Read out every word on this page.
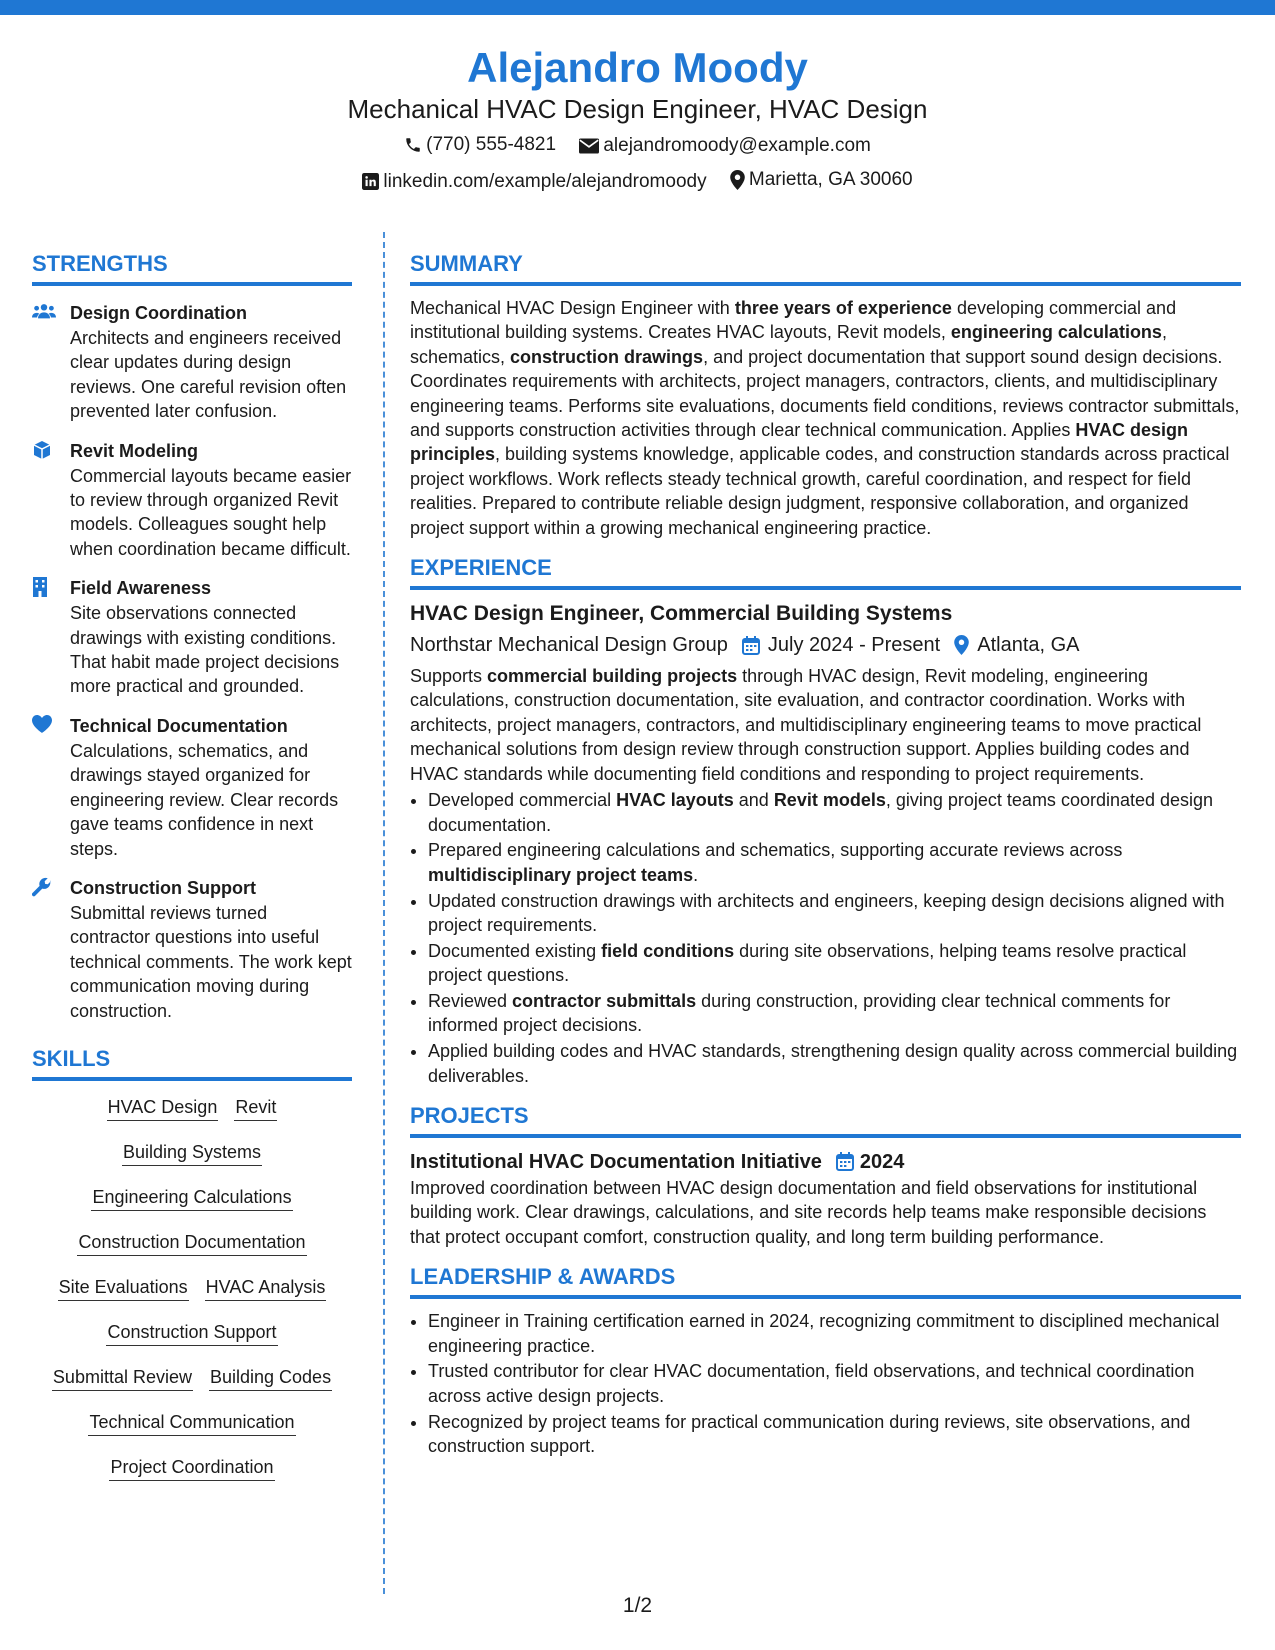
Alejandro Moody
Mechanical HVAC Design Engineer, HVAC Design
(770) 555-4821
alejandromoody@example.com
linkedin.com/example/alejandromoody
Marietta, GA 30060
STRENGTHS
Design Coordination
Architects and engineers received clear updates during design reviews. One careful revision often prevented later confusion.
Revit Modeling
Commercial layouts became easier to review through organized Revit models. Colleagues sought help when coordination became difficult.
Field Awareness
Site observations connected drawings with existing conditions. That habit made project decisions more practical and grounded.
Technical Documentation
Calculations, schematics, and drawings stayed organized for engineering review. Clear records gave teams confidence in next steps.
Construction Support
Submittal reviews turned contractor questions into useful technical comments. The work kept communication moving during construction.
SKILLS
HVAC Design Revit
Building Systems
Engineering Calculations
Construction Documentation
Site Evaluations HVAC Analysis
Construction Support
Submittal Review Building Codes
Technical Communication
Project Coordination
SUMMARY

Mechanical HVAC Design Engineer with three years of experience developing commercial and institutional building systems. Creates HVAC layouts, Revit models, engineering calculations, schematics, construction drawings, and project documentation that support sound design decisions. Coordinates requirements with architects, project managers, contractors, clients, and multidisciplinary engineering teams. Performs site evaluations, documents field conditions, reviews contractor submittals, and supports construction activities through clear technical communication. Applies HVAC design principles, building systems knowledge, applicable codes, and construction standards across practical project workflows. Work reflects steady technical growth, careful coordination, and respect for field realities. Prepared to contribute reliable design judgment, responsive collaboration, and organized project support within a growing mechanical engineering practice.

EXPERIENCE
HVAC Design Engineer, Commercial Building Systems
Northstar Mechanical Design Group July 2024 - Present Atlanta, GA

Supports commercial building projects through HVAC design, Revit modeling, engineering calculations, construction documentation, site evaluation, and contractor coordination. Works with architects, project managers, contractors, and multidisciplinary engineering teams to move practical mechanical solutions from design review through construction support. Applies building codes and HVAC standards while documenting field conditions and responding to project requirements.

• Developed commercial HVAC layouts and Revit models, giving project teams coordinated design documentation.
• Prepared engineering calculations and schematics, supporting accurate reviews across multidisciplinary project teams.
• Updated construction drawings with architects and engineers, keeping design decisions aligned with project requirements.
• Documented existing field conditions during site observations, helping teams resolve practical project questions.
• Reviewed contractor submittals during construction, providing clear technical comments for informed project decisions.
• Applied building codes and HVAC standards, strengthening design quality across commercial building deliverables.
PROJECTS
Institutional HVAC Documentation Initiative 2024

Improved coordination between HVAC design documentation and field observations for institutional building work. Clear drawings, calculations, and site records help teams make responsible decisions that protect occupant comfort, construction quality, and long term building performance.

LEADERSHIP & AWARDS
• Engineer in Training certification earned in 2024, recognizing commitment to disciplined mechanical engineering practice.
• Trusted contributor for clear HVAC documentation, field observations, and technical coordination across active design projects.
• Recognized by project teams for practical communication during reviews, site observations, and construction support.
1/2
